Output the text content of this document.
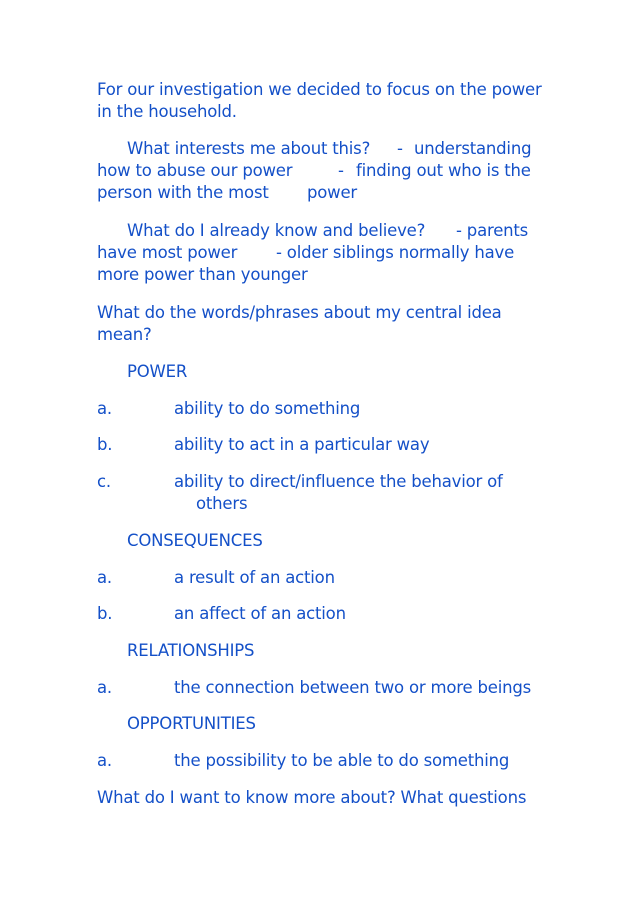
For our investigation we decided to focus on the power
in the household.
What interests me about this? - understanding
how to abuse our power	- finding out who is the
person with the most power
What do I already know and believe? - parents
have most power - older siblings normally have
more power than younger
What do the words/phrases about my central idea
mean?
POWER
a.	ability to do something
b.	ability to act in a particular way
c.	ability to direct/influence the behavior of
others
CONSEQUENCES
a.	a result of an action
b.	an affect of an action
RELATIONSHIPS
a.	the connection between two or more beings
OPPORTUNITIES
a.	the possibility to be able to do something
What do I want to know more about? What questions
